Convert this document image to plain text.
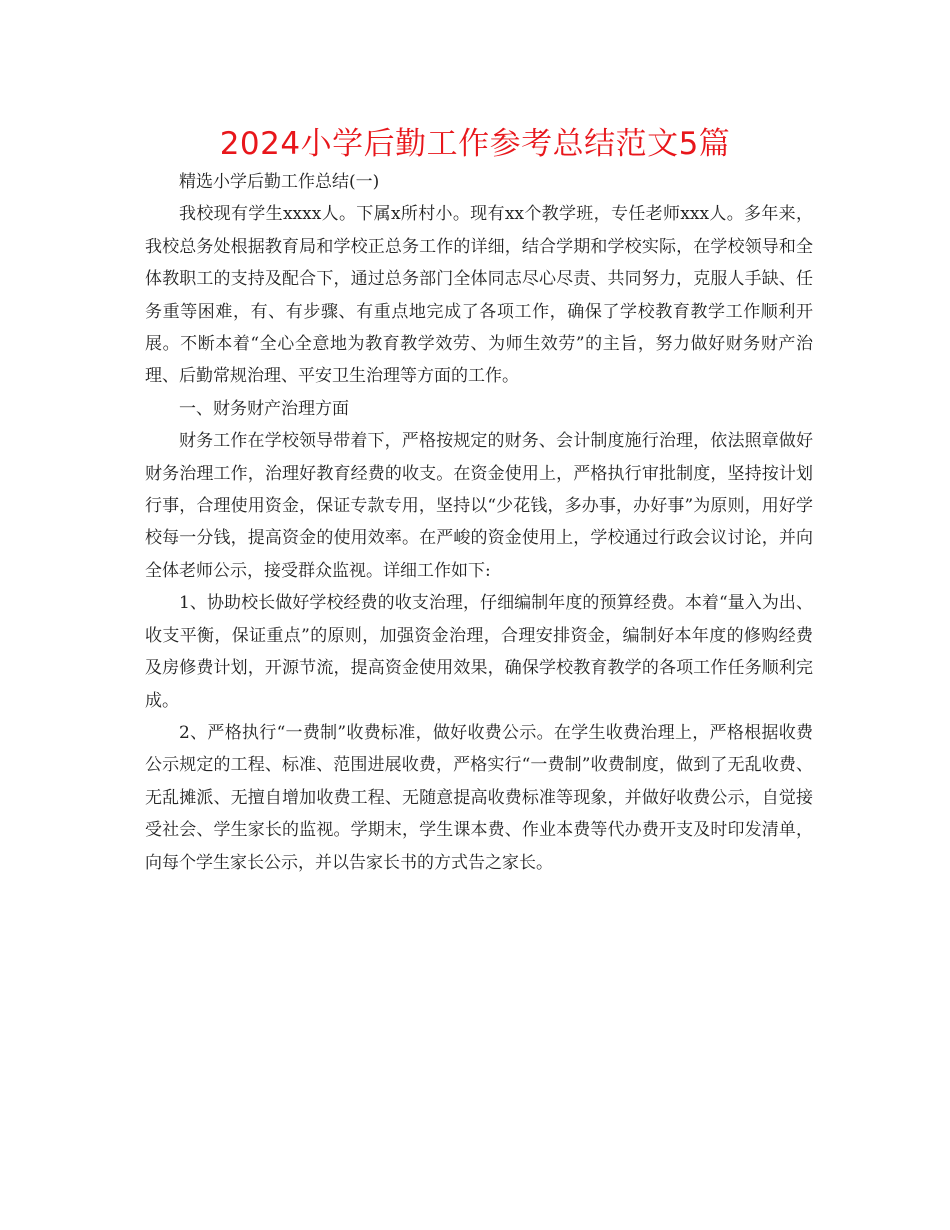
2024小学后勤工作参考总结范文5篇

精选小学后勤工作总结(一)

我校现有学生xxxx人。下属x所村小。现有xx个教学班，专任老师xxx人。多年来，我校总务处根据教育局和学校正总务工作的详细，结合学期和学校实际，在学校领导和全体教职工的支持及配合下，通过总务部门全体同志尽心尽责、共同努力，克服人手缺、任务重等困难，有、有步骤、有重点地完成了各项工作，确保了学校教育教学工作顺利开展。不断本着“全心全意地为教育教学效劳、为师生效劳”的主旨，努力做好财务财产治理、后勤常规治理、平安卫生治理等方面的工作。

一、财务财产治理方面

财务工作在学校领导带着下，严格按规定的财务、会计制度施行治理，依法照章做好财务治理工作，治理好教育经费的收支。在资金使用上，严格执行审批制度，坚持按计划行事，合理使用资金，保证专款专用，坚持以“少花钱，多办事，办好事”为原则，用好学校每一分钱，提高资金的使用效率。在严峻的资金使用上，学校通过行政会议讨论，并向全体老师公示，接受群众监视。详细工作如下:

1、协助校长做好学校经费的收支治理，仔细编制年度的预算经费。本着“量入为出、收支平衡，保证重点”的原则，加强资金治理，合理安排资金，编制好本年度的修购经费及房修费计划，开源节流，提高资金使用效果，确保学校教育教学的各项工作任务顺利完成。

2、严格执行“一费制”收费标准，做好收费公示。在学生收费治理上，严格根据收费公示规定的工程、标准、范围进展收费，严格实行“一费制”收费制度，做到了无乱收费、无乱摊派、无擅自增加收费工程、无随意提高收费标准等现象，并做好收费公示，自觉接受社会、学生家长的监视。学期末，学生课本费、作业本费等代办费开支及时印发清单，向每个学生家长公示，并以告家长书的方式告之家长。
